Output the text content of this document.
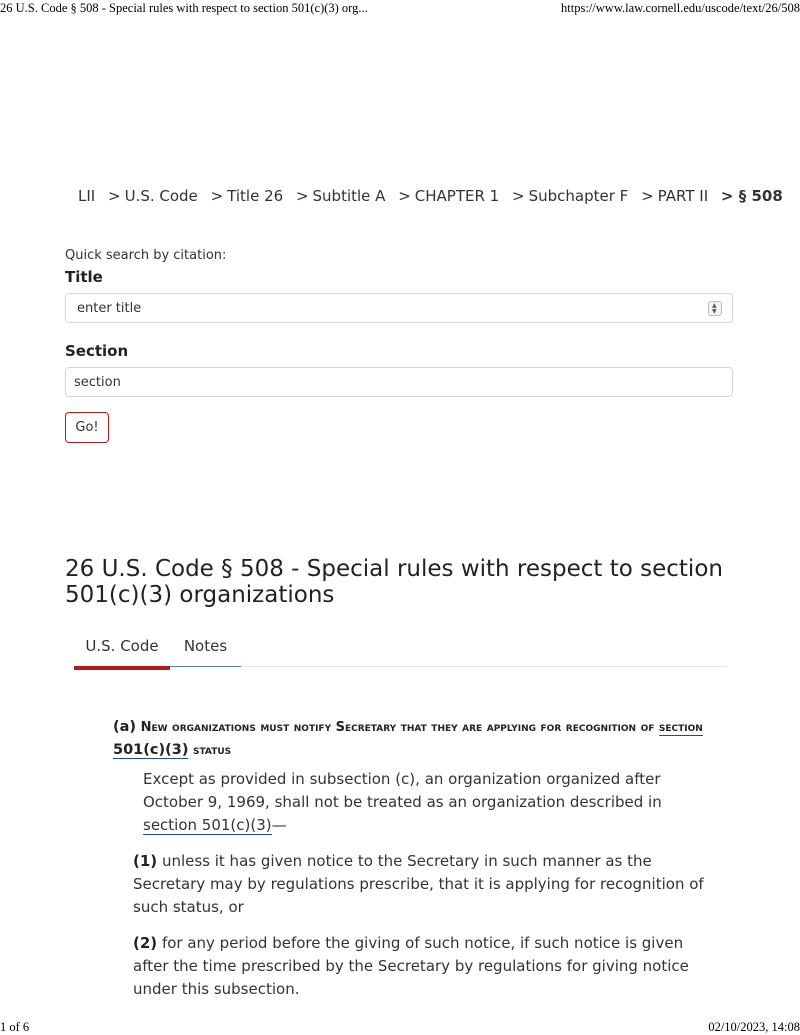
26 U.S. Code § 508 - Special rules with respect to section 501(c)(3) org...	https://www.law.cornell.edu/uscode/text/26/508
LII > U.S. Code > Title 26 > Subtitle A > CHAPTER 1 > Subchapter F > PART II > § 508
Quick search by citation:
Title
enter title	▲
▼
Section
section
Go!
26 U.S. Code § 508 - Special rules with respect to section 501(c)(3) organizations
U.S. Code	Notes
(a) New organizations must notify Secretary that they are applying for recognition of section 501(c)(3) status
Except as provided in subsection (c), an organization organized after October 9, 1969, shall not be treated as an organization described in section 501(c)(3)—
(1) unless it has given notice to the Secretary in such manner as the Secretary may by regulations prescribe, that it is applying for recognition of such status, or
(2) for any period before the giving of such notice, if such notice is given after the time prescribed by the Secretary by regulations for giving notice under this subsection.
1 of 6	02/10/2023, 14:08
